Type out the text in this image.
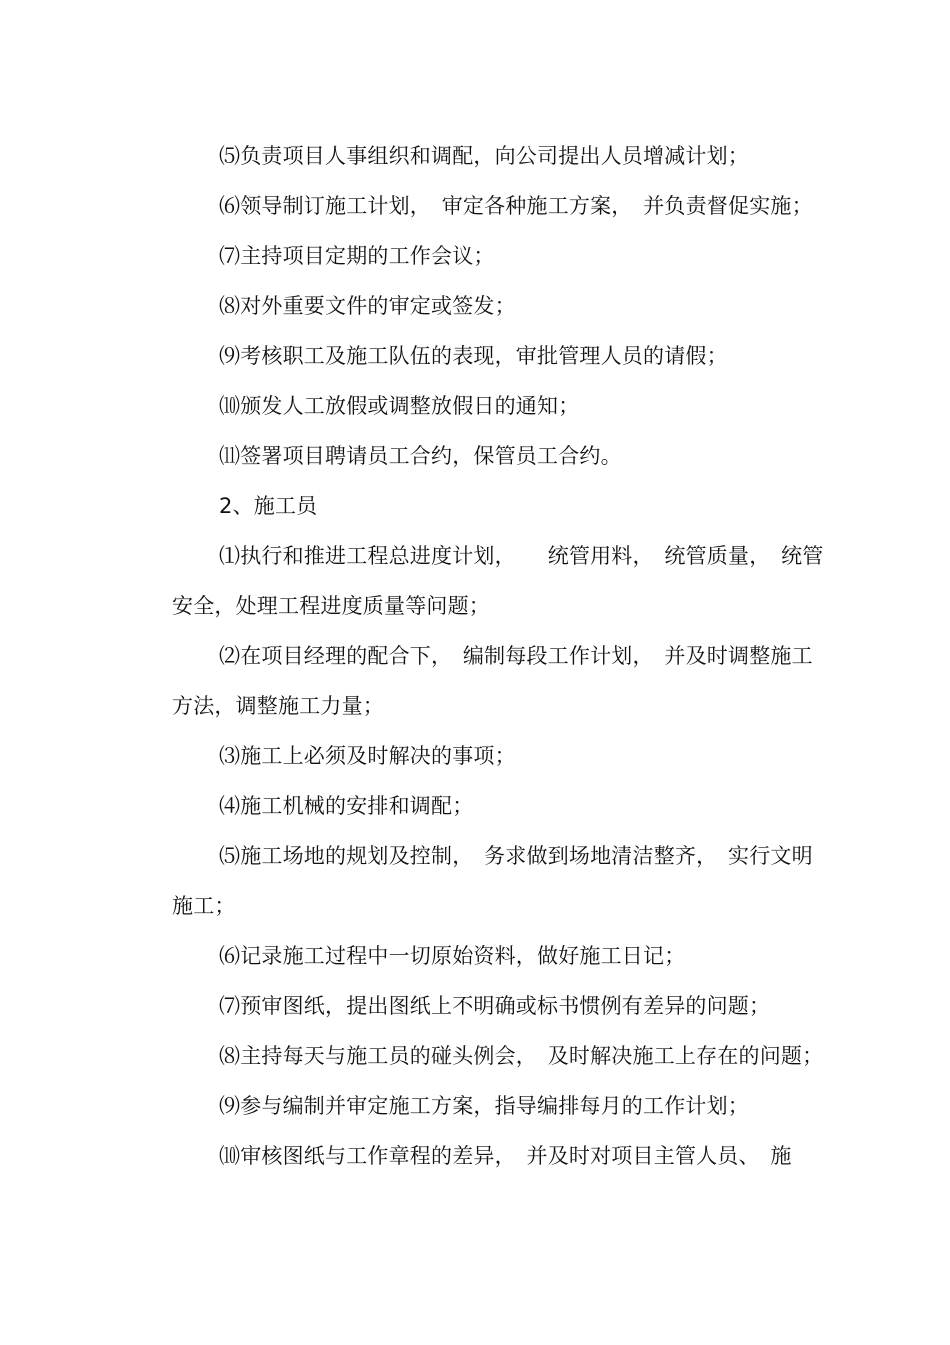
⑸负责项目人事组织和调配，向公司提出人员增减计划；

⑹领导制订施工计划，　审定各种施工方案，　并负责督促实施；

⑺主持项目定期的工作会议；

⑻对外重要文件的审定或签发；

⑼考核职工及施工队伍的表现，审批管理人员的请假；

⑽颁发人工放假或调整放假日的通知；

⑾签署项目聘请员工合约，保管员工合约。

2、施工员

⑴执行和推进工程总进度计划，　　统管用料，　统管质量，　统管安全，处理工程进度质量等问题；

⑵在项目经理的配合下，　编制每段工作计划，　并及时调整施工方法，调整施工力量；

⑶施工上必须及时解决的事项；

⑷施工机械的安排和调配；

⑸施工场地的规划及控制，　务求做到场地清洁整齐，　实行文明施工；

⑹记录施工过程中一切原始资料，做好施工日记；

⑺预审图纸，提出图纸上不明确或标书惯例有差异的问题；

⑻主持每天与施工员的碰头例会，　及时解决施工上存在的问题；

⑼参与编制并审定施工方案，指导编排每月的工作计划；

⑽审核图纸与工作章程的差异，　并及时对项目主管人员、　施
